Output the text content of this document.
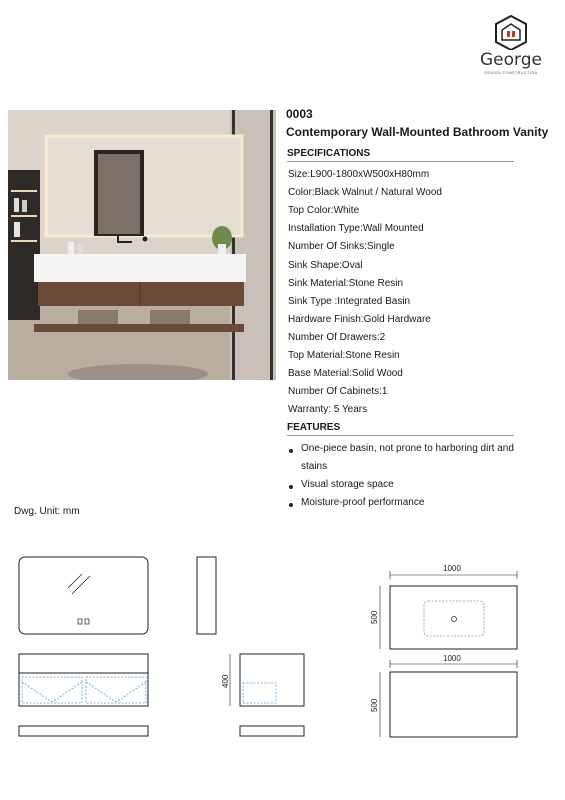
George
DESIGN CONSTRUCTION
0003
Contemporary Wall-Mounted Bathroom Vanity
SPECIFICATIONS
Size:L900-1800xW500xH80mm
Color:Black Walnut / Natural Wood
Top Color:White
Installation Type:Wall Mounted
Number Of Sinks:Single
Sink Shape:Oval
Sink Material:Stone Resin
Sink Type :Integrated Basin
Hardware Finish:Gold Hardware
Number Of Drawers:2
Top Material:Stone Resin
Base Material:Solid Wood
Number Of Cabinets:1
Warranty: 5 Years
FEATURES
One-piece basin, not prone to harboring dirt and stains
Visual storage space
Moisture-proof performance
Dwg. Unit: mm
400
1000
500
1000
500
